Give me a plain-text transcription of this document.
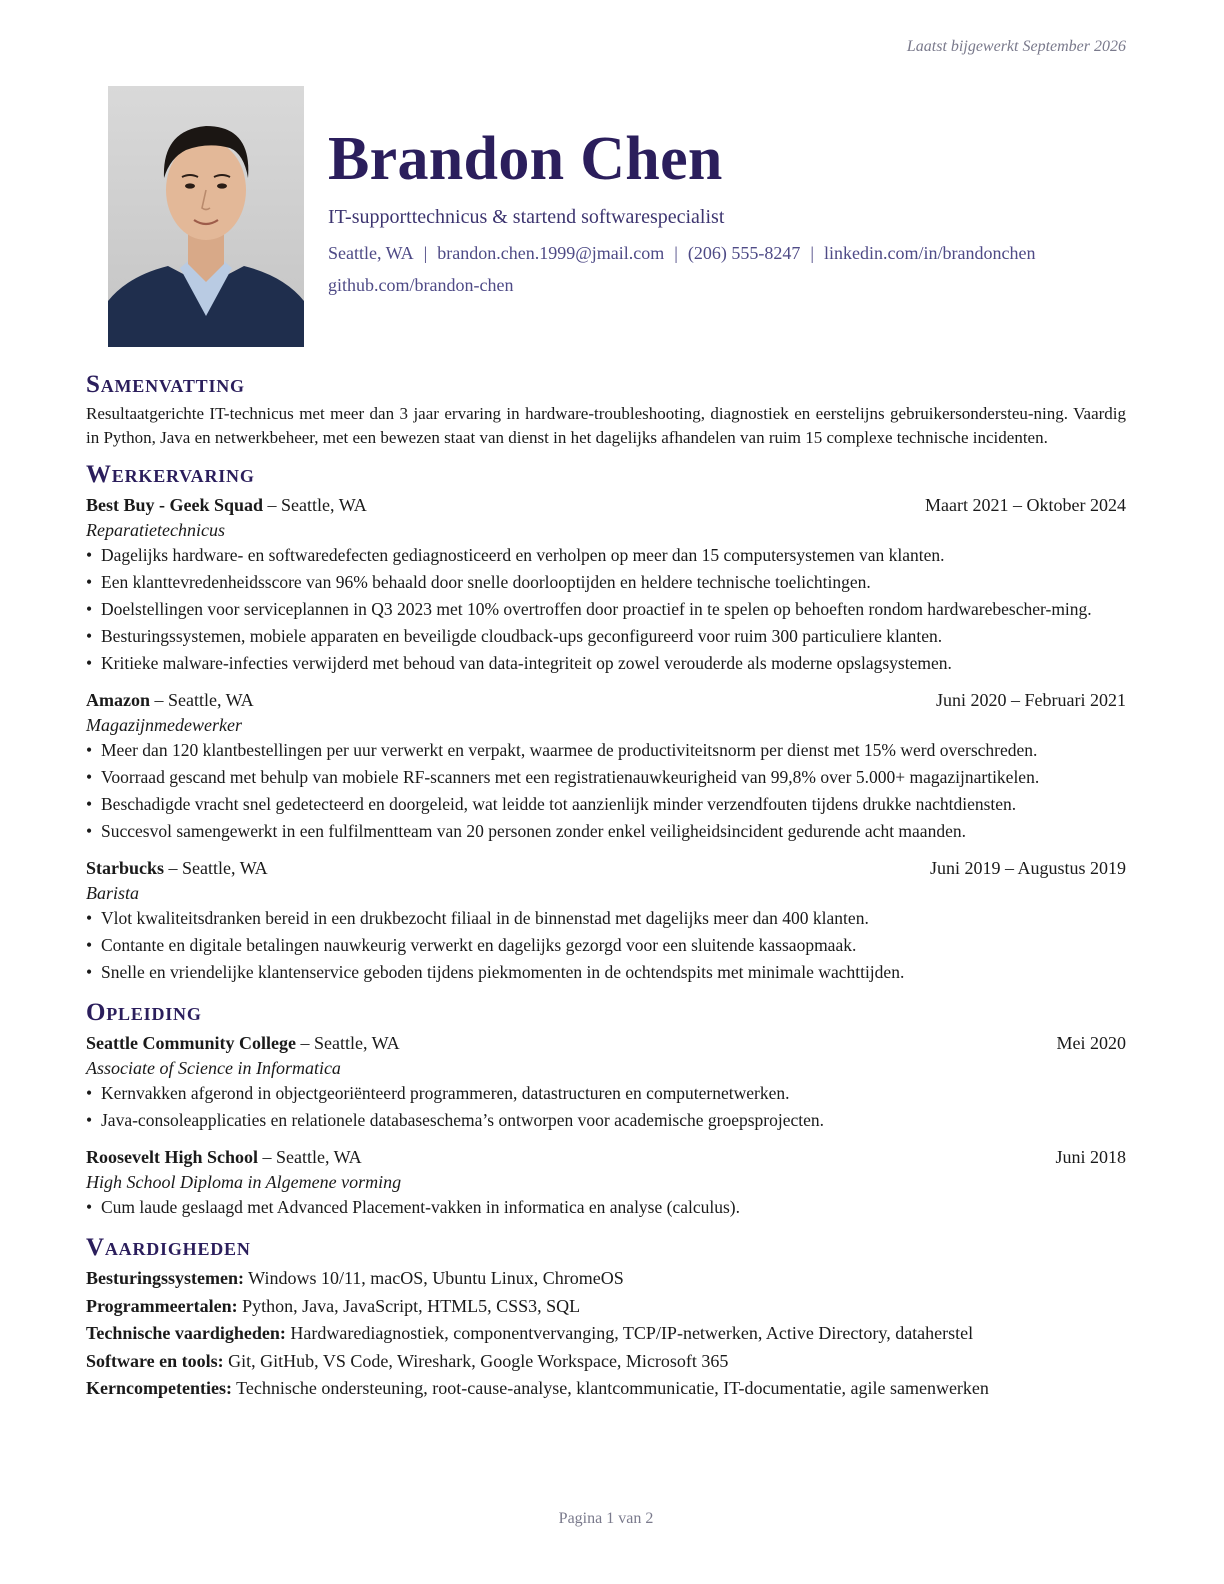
Laatst bijgewerkt September 2026
Brandon Chen
IT-supporttechnicus & startend softwarespecialist
Seattle, WA | brandon.chen.1999@jmail.com | (206) 555-8247 | linkedin.com/in/brandonchen
github.com/brandon-chen
Samenvatting

Resultaatgerichte IT-technicus met meer dan 3 jaar ervaring in hardware-troubleshooting, diagnostiek en eerstelijns gebruikersondersteu-ning. Vaardig in Python, Java en netwerkbeheer, met een bewezen staat van dienst in het dagelijks afhandelen van ruim 15 complexe technische incidenten.

Werkervaring
Best Buy - Geek Squad – Seattle, WA	Maart 2021 – Oktober 2024
Reparatietechnicus
• Dagelijks hardware- en softwaredefecten gediagnosticeerd en verholpen op meer dan 15 computersystemen van klanten.
• Een klanttevredenheidsscore van 96% behaald door snelle doorlooptijden en heldere technische toelichtingen.
• Doelstellingen voor serviceplannen in Q3 2023 met 10% overtroffen door proactief in te spelen op behoeften rondom hardwarebescher-ming.
• Besturingssystemen, mobiele apparaten en beveiligde cloudback-ups geconfigureerd voor ruim 300 particuliere klanten.
• Kritieke malware-infecties verwijderd met behoud van data-integriteit op zowel verouderde als moderne opslagsystemen.
Amazon – Seattle, WA	Juni 2020 – Februari 2021
Magazijnmedewerker
• Meer dan 120 klantbestellingen per uur verwerkt en verpakt, waarmee de productiviteitsnorm per dienst met 15% werd overschreden.
• Voorraad gescand met behulp van mobiele RF-scanners met een registratienauwkeurigheid van 99,8% over 5.000+ magazijnartikelen.
• Beschadigde vracht snel gedetecteerd en doorgeleid, wat leidde tot aanzienlijk minder verzendfouten tijdens drukke nachtdiensten.
• Succesvol samengewerkt in een fulfilmentteam van 20 personen zonder enkel veiligheidsincident gedurende acht maanden.
Starbucks – Seattle, WA	Juni 2019 – Augustus 2019
Barista
• Vlot kwaliteitsdranken bereid in een drukbezocht filiaal in de binnenstad met dagelijks meer dan 400 klanten.
• Contante en digitale betalingen nauwkeurig verwerkt en dagelijks gezorgd voor een sluitende kassaopmaak.
• Snelle en vriendelijke klantenservice geboden tijdens piekmomenten in de ochtendspits met minimale wachttijden.
Opleiding
Seattle Community College – Seattle, WA	Mei 2020
Associate of Science in Informatica
• Kernvakken afgerond in objectgeoriënteerd programmeren, datastructuren en computernetwerken.
• Java-consoleapplicaties en relationele databaseschema’s ontworpen voor academische groepsprojecten.
Roosevelt High School – Seattle, WA	Juni 2018
High School Diploma in Algemene vorming
• Cum laude geslaagd met Advanced Placement-vakken in informatica en analyse (calculus).
Vaardigheden
Besturingssystemen: Windows 10/11, macOS, Ubuntu Linux, ChromeOS
Programmeertalen: Python, Java, JavaScript, HTML5, CSS3, SQL
Technische vaardigheden: Hardwarediagnostiek, componentvervanging, TCP/IP-netwerken, Active Directory, dataherstel
Software en tools: Git, GitHub, VS Code, Wireshark, Google Workspace, Microsoft 365
Kerncompetenties: Technische ondersteuning, root-cause-analyse, klantcommunicatie, IT-documentatie, agile samenwerken
Pagina 1 van 2
